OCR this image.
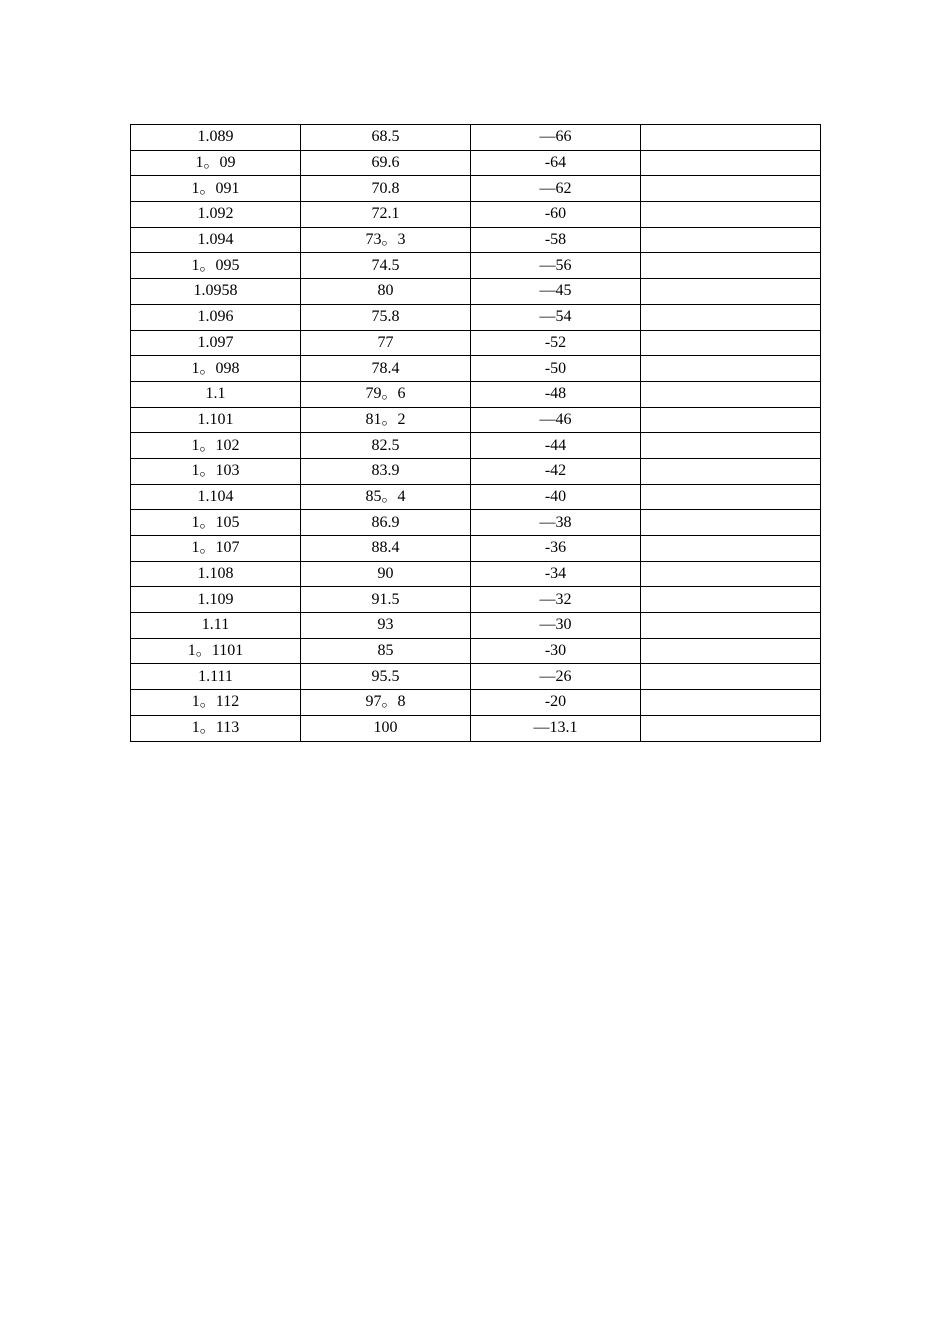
1.089	68.5	—66	
1。09	69.6	-64	
1。091	70.8	—62	
1.092	72.1	-60	
1.094	73。3	-58	
1。095	74.5	—56	
1.0958	80	—45	
1.096	75.8	—54	
1.097	77	-52	
1。098	78.4	-50	
1.1	79。6	-48	
1.101	81。2	—46	
1。102	82.5	-44	
1。103	83.9	-42	
1.104	85。4	-40	
1。105	86.9	—38	
1。107	88.4	-36	
1.108	90	-34	
1.109	91.5	—32	
1.11	93	—30	
1。1101	85	-30	
1.111	95.5	—26	
1。112	97。8	-20	
1。113	100	—13.1	
